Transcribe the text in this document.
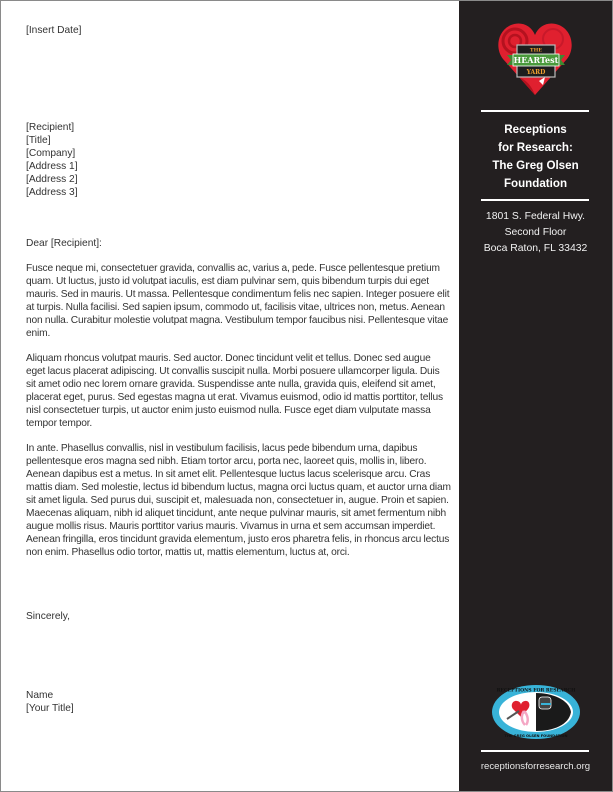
[Insert Date]
[Recipient]
[Title]
[Company]
[Address 1]
[Address 2]
[Address 3]
Dear [Recipient]:

Fusce neque mi, consectetuer gravida, convallis ac, varius a, pede. Fusce pellentesque pretium quam. Ut luctus, justo id volutpat iaculis, est diam pulvinar sem, quis bibendum turpis dui eget mauris. Sed in mauris. Ut massa. Pellentesque condimentum felis nec sapien. Integer posuere elit at turpis. Nulla facilisi. Sed sapien ipsum, commodo ut, facilisis vitae, ultrices non, metus. Aenean non nulla. Curabitur molestie volutpat magna. Vestibulum tempor faucibus nisi. Pellentesque vitae enim.

Aliquam rhoncus volutpat mauris. Sed auctor. Donec tincidunt velit et tellus. Donec sed augue eget lacus placerat adipiscing. Ut convallis suscipit nulla. Morbi posuere ullamcorper ligula. Duis sit amet odio nec lorem ornare gravida. Suspendisse ante nulla, gravida quis, eleifend sit amet, placerat eget, purus. Sed egestas magna ut erat. Vivamus euismod, odio id mattis porttitor, tellus nisl consectetuer turpis, ut auctor enim justo euismod nulla. Fusce eget diam vulputate massa tempor tempor.

In ante. Phasellus convallis, nisl in vestibulum facilisis, lacus pede bibendum urna, dapibus pellentesque eros magna sed nibh. Etiam tortor arcu, porta nec, laoreet quis, mollis in, libero. Aenean dapibus est a metus. In sit amet elit. Pellentesque luctus lacus scelerisque arcu. Cras mattis diam. Sed molestie, lectus id bibendum luctus, magna orci luctus quam, et auctor urna diam sit amet ligula. Sed purus dui, suscipit et, malesuada non, consectetuer in, augue. Proin et sapien. Maecenas aliquam, nibh id aliquet tincidunt, ante neque pulvinar mauris, sit amet fermentum nibh augue mollis risus. Mauris porttitor varius mauris. Vivamus in urna et sem accumsan imperdiet. Aenean fringilla, eros tincidunt gravida elementum, justo eros pharetra felis, in rhoncus arcu lectus non enim. Phasellus odio tortor, mattis ut, mattis elementum, luctus at, orci.

Sincerely,
Name
[Your Title]
THE
HEARTest
YARD
Receptions
for Research:
The Greg Olsen
Foundation
1801 S. Federal Hwy.
Second Floor
Boca Raton, FL 33432
RECEPTIONS FOR RESEARCH
THE GREG OLSEN FOUNDATION
receptionsforresearch.org
